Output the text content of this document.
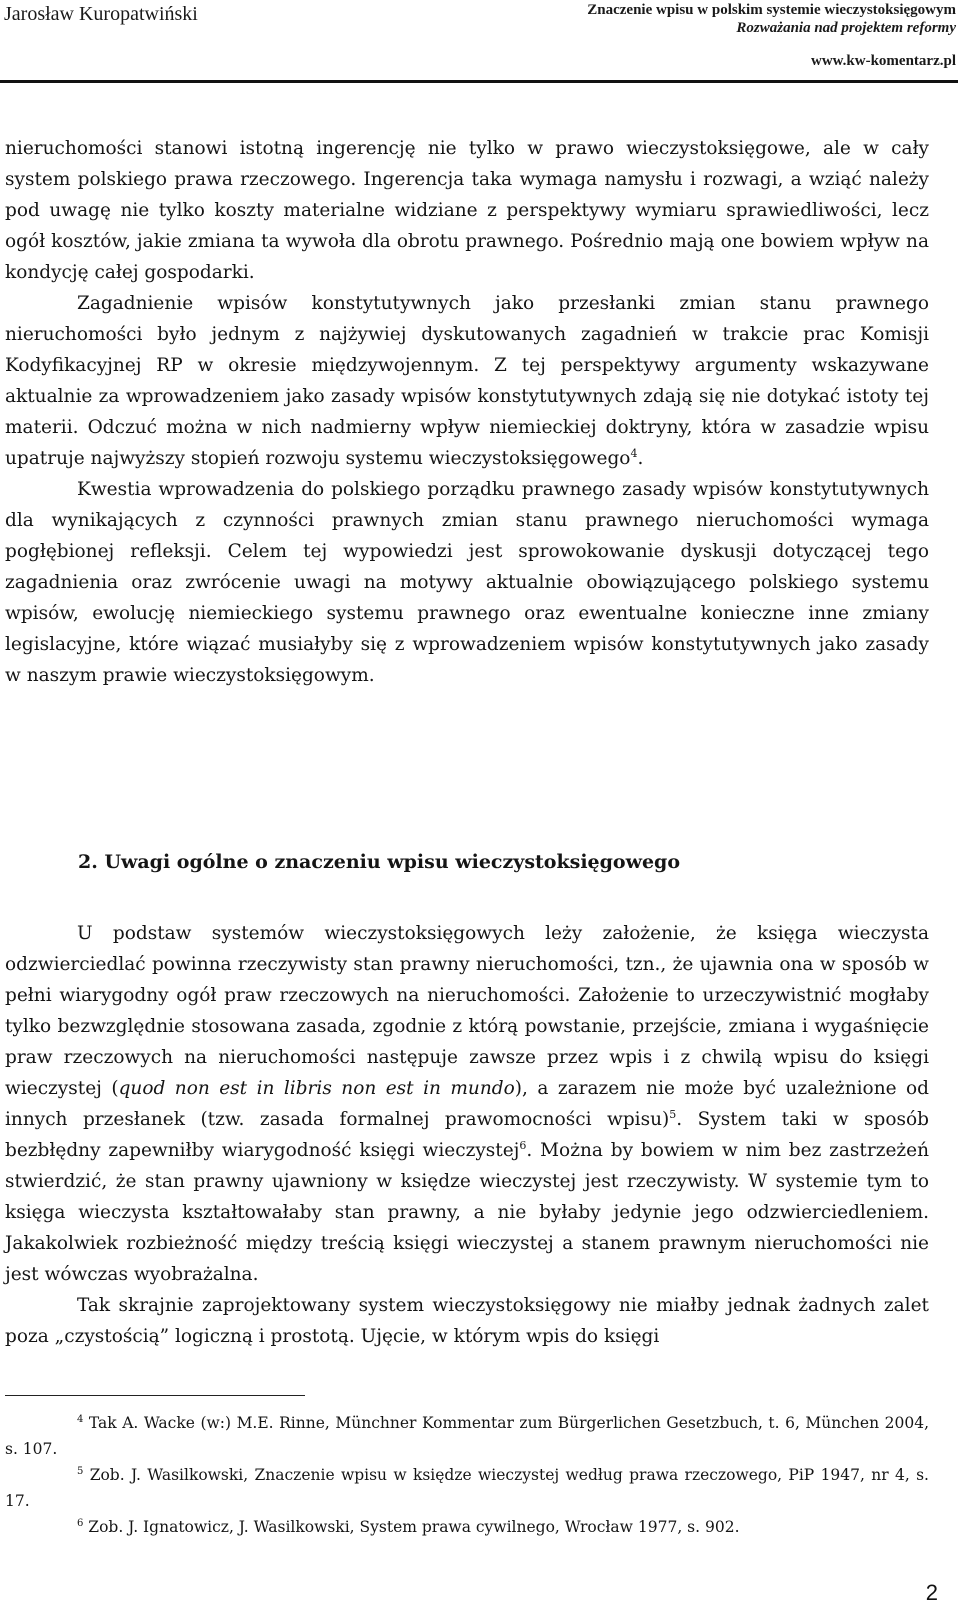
Jarosław Kuropatwiński	Znaczenie wpisu w polskim systemie wieczystoksięgowym
Rozważania nad projektem reformy
www.kw-komentarz.pl

nieruchomości stanowi istotną ingerencję nie tylko w prawo wieczystoksięgowe, ale w cały system polskiego prawa rzeczowego. Ingerencja taka wymaga namysłu i rozwagi, a wziąć należy pod uwagę nie tylko koszty materialne widziane z perspektywy wymiaru sprawiedliwości, lecz ogół kosztów, jakie zmiana ta wywoła dla obrotu prawnego. Pośrednio mają one bowiem wpływ na kondycję całej gospodarki.

Zagadnienie wpisów konstytutywnych jako przesłanki zmian stanu prawnego nieruchomości było jednym z najżywiej dyskutowanych zagadnień w trakcie prac Komisji Kodyfikacyjnej RP w okresie międzywojennym. Z tej perspektywy argumenty wskazywane aktualnie za wprowadzeniem jako zasady wpisów konstytutywnych zdają się nie dotykać istoty tej materii. Odczuć można w nich nadmierny wpływ niemieckiej doktryny, która w zasadzie wpisu upatruje najwyższy stopień rozwoju systemu wieczystoksięgowego$^4$.

Kwestia wprowadzenia do polskiego porządku prawnego zasady wpisów konstytutywnych dla wynikających z czynności prawnych zmian stanu prawnego nieruchomości wymaga pogłębionej refleksji. Celem tej wypowiedzi jest sprowokowanie dyskusji dotyczącej tego zagadnienia oraz zwrócenie uwagi na motywy aktualnie obowiązującego polskiego systemu wpisów, ewolucję niemieckiego systemu prawnego oraz ewentualne konieczne inne zmiany legislacyjne, które wiązać musiałyby się z wprowadzeniem wpisów konstytutywnych jako zasady w naszym prawie wieczystoksięgowym.

2. Uwagi ogólne o znaczeniu wpisu wieczystoksięgowego

U podstaw systemów wieczystoksięgowych leży założenie, że księga wieczysta odzwierciedlać powinna rzeczywisty stan prawny nieruchomości, tzn., że ujawnia ona w sposób w pełni wiarygodny ogół praw rzeczowych na nieruchomości. Założenie to urzeczywistnić mogłaby tylko bezwzględnie stosowana zasada, zgodnie z którą powstanie, przejście, zmiana i wygaśnięcie praw rzeczowych na nieruchomości następuje zawsze przez wpis i z chwilą wpisu do księgi wieczystej (quod non est in libris non est in mundo), a zarazem nie może być uzależnione od innych przesłanek (tzw. zasada formalnej prawomocności wpisu)$^5$. System taki w sposób bezbłędny zapewniłby wiarygodność księgi wieczystej$^6$. Można by bowiem w nim bez zastrzeżeń stwierdzić, że stan prawny ujawniony w księdze wieczystej jest rzeczywisty. W systemie tym to księga wieczysta kształtowałaby stan prawny, a nie byłaby jedynie jego odzwierciedleniem. Jakakolwiek rozbieżność między treścią księgi wieczystej a stanem prawnym nieruchomości nie jest wówczas wyobrażalna.

Tak skrajnie zaprojektowany system wieczystoksięgowy nie miałby jednak żadnych zalet poza „czystością” logiczną i prostotą. Ujęcie, w którym wpis do księgi

$^4$ Tak A. Wacke (w:) M.E. Rinne, Münchner Kommentar zum Bürgerlichen Gesetzbuch, t. 6, München 2004, s. 107.

$^5$ Zob. J. Wasilkowski, Znaczenie wpisu w księdze wieczystej według prawa rzeczowego, PiP 1947, nr 4, s. 17.

$^6$ Zob. J. Ignatowicz, J. Wasilkowski, System prawa cywilnego, Wrocław 1977, s. 902.

2
